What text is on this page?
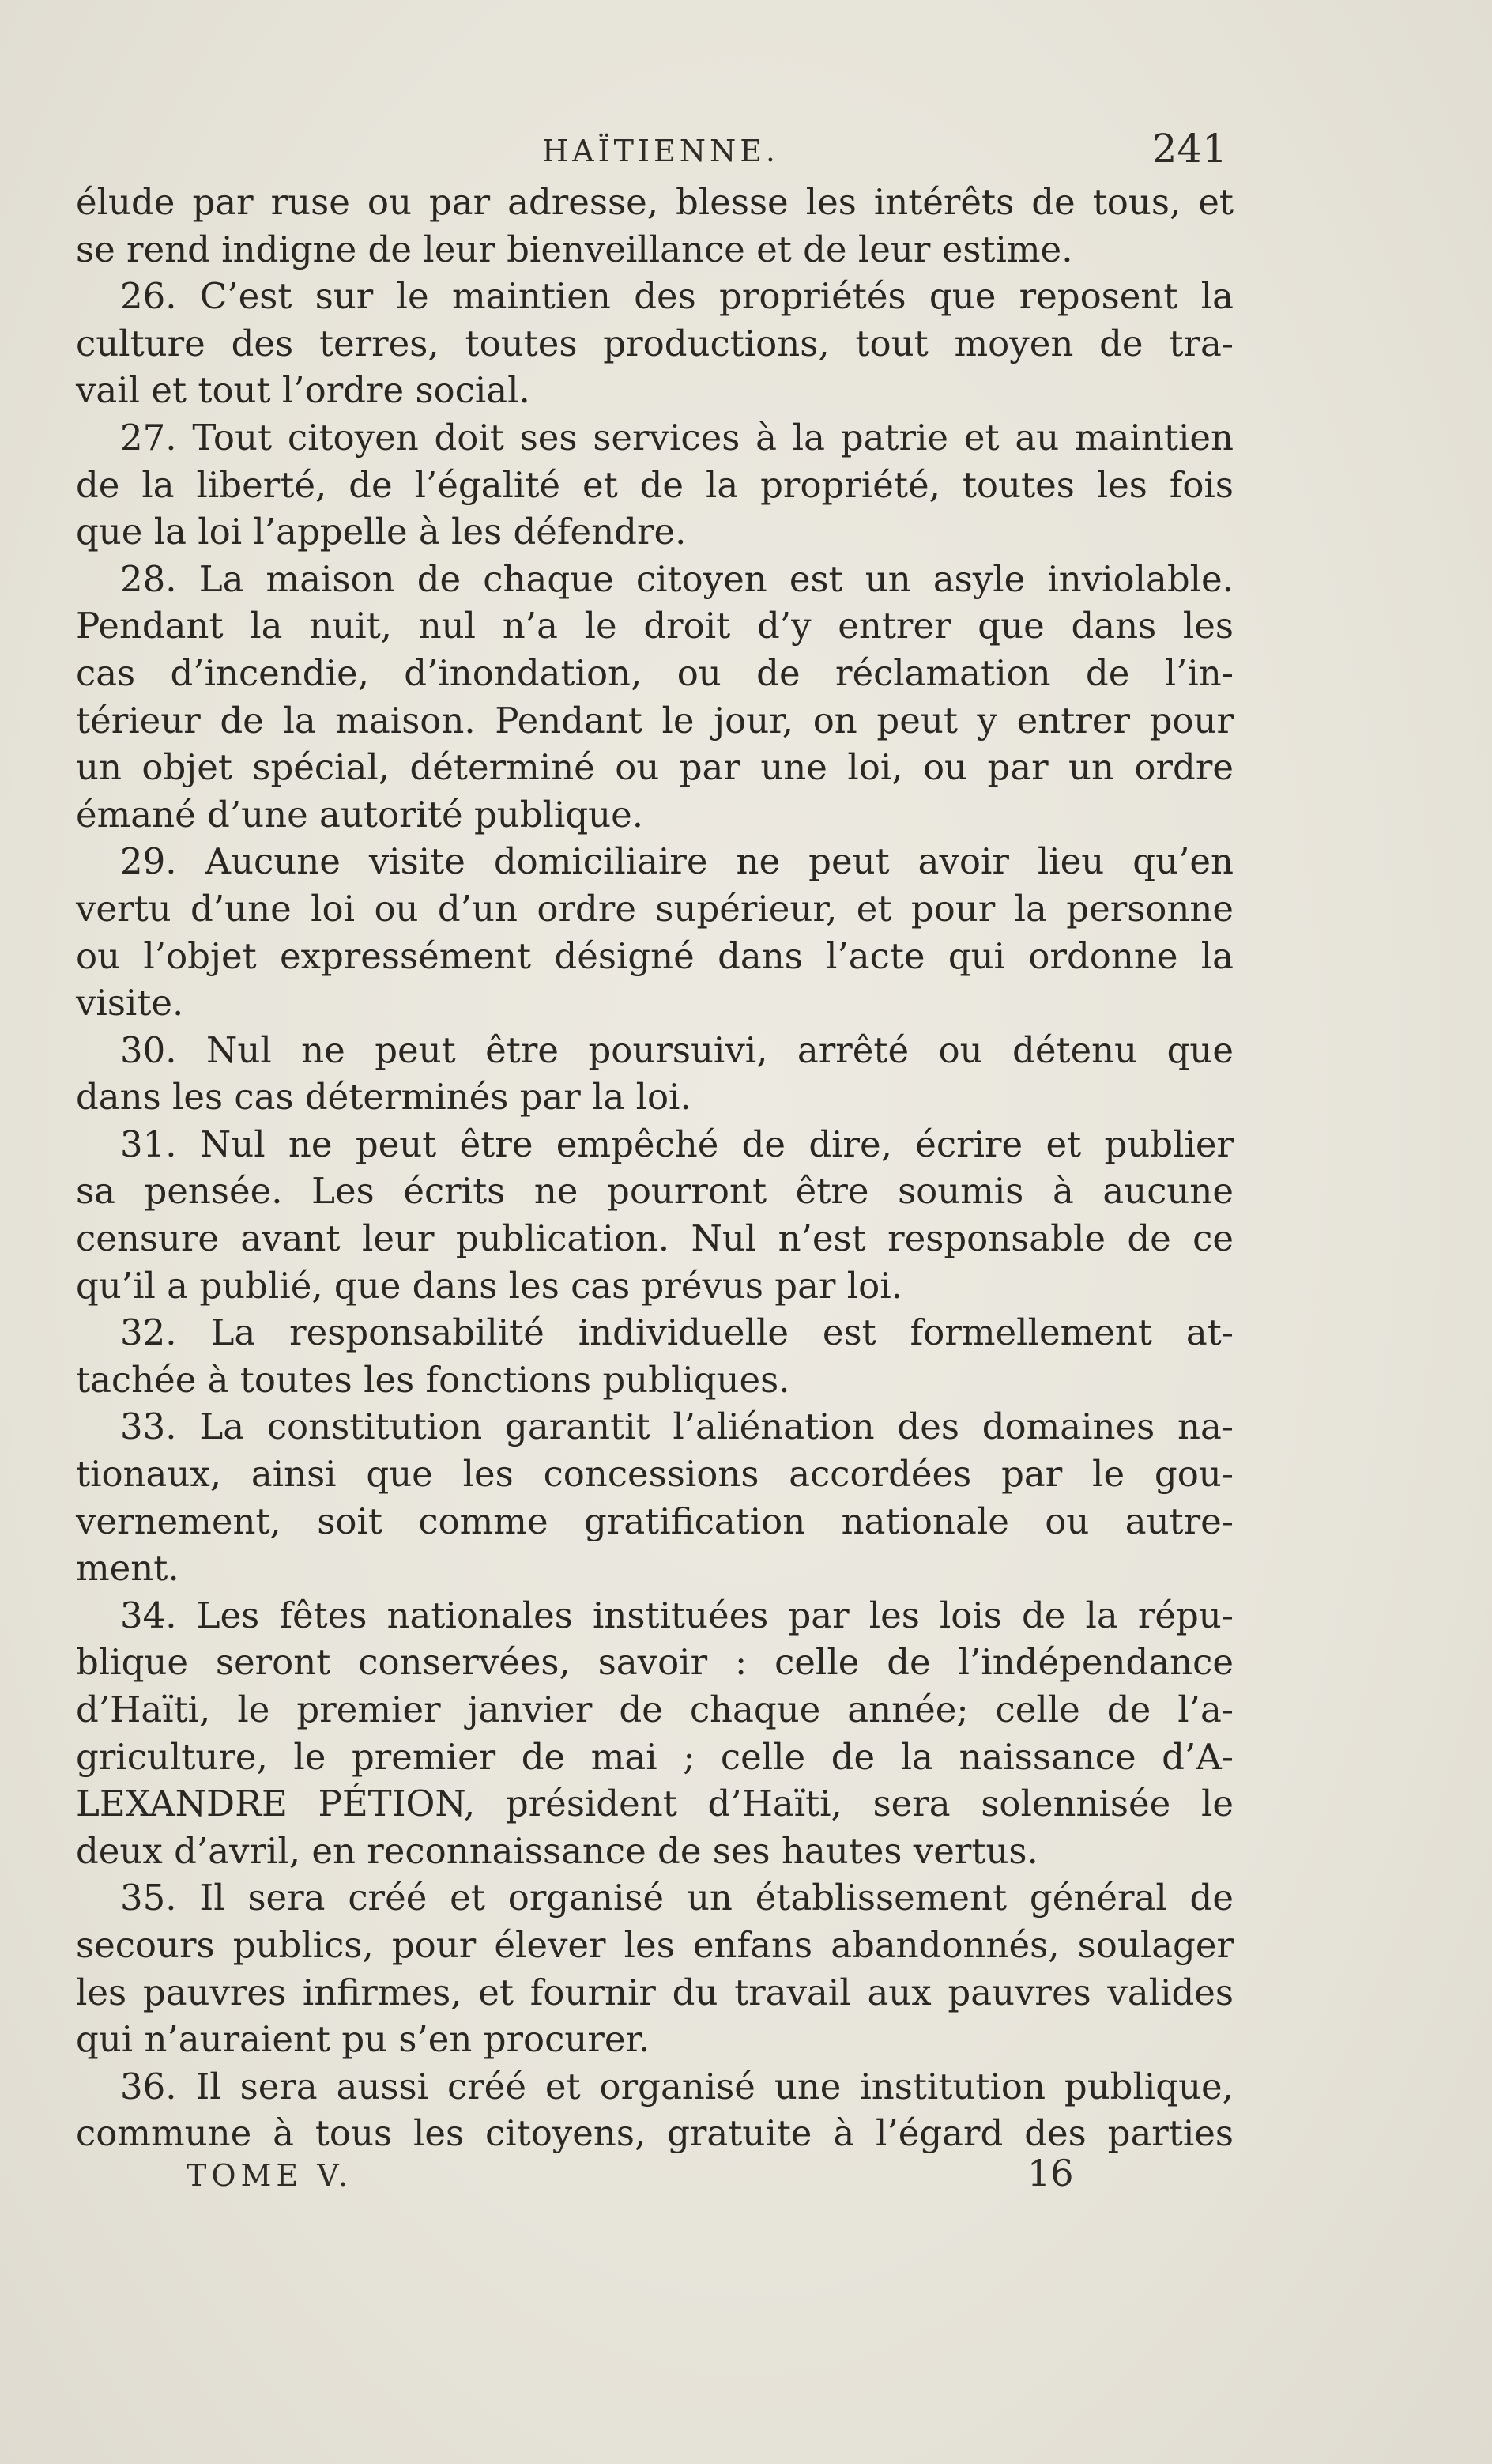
HAÏTIENNE.	241
élude par ruse ou par adresse, blesse les intérêts de tous, et
se rend indigne de leur bienveillance et de leur estime.
26. C’est sur le maintien des propriétés que reposent la
culture des terres, toutes productions, tout moyen de tra-
vail et tout l’ordre social.
27. Tout citoyen doit ses services à la patrie et au maintien
de la liberté, de l’égalité et de la propriété, toutes les fois
que la loi l’appelle à les défendre.
28. La maison de chaque citoyen est un asyle inviolable.
Pendant la nuit, nul n’a le droit d’y entrer que dans les
cas d’incendie, d’inondation, ou de réclamation de l’in-
térieur de la maison. Pendant le jour, on peut y entrer pour
un objet spécial, déterminé ou par une loi, ou par un ordre
émané d’une autorité publique.
29. Aucune visite domiciliaire ne peut avoir lieu qu’en
vertu d’une loi ou d’un ordre supérieur, et pour la personne
ou l’objet expressément désigné dans l’acte qui ordonne la
visite.
30. Nul ne peut être poursuivi, arrêté ou détenu que
dans les cas déterminés par la loi.
31. Nul ne peut être empêché de dire, écrire et publier
sa pensée. Les écrits ne pourront être soumis à aucune
censure avant leur publication. Nul n’est responsable de ce
qu’il a publié, que dans les cas prévus par loi.
32. La responsabilité individuelle est formellement at-
tachée à toutes les fonctions publiques.
33. La constitution garantit l’aliénation des domaines na-
tionaux, ainsi que les concessions accordées par le gou-
vernement, soit comme gratification nationale ou autre-
ment.
34. Les fêtes nationales instituées par les lois de la répu-
blique seront conservées, savoir : celle de l’indépendance
d’Haïti, le premier janvier de chaque année; celle de l’a-
griculture, le premier de mai ; celle de la naissance d’A-
LEXANDRE PÉTION, président d’Haïti, sera solennisée le
deux d’avril, en reconnaissance de ses hautes vertus.
35. Il sera créé et organisé un établissement général de
secours publics, pour élever les enfans abandonnés, soulager
les pauvres infirmes, et fournir du travail aux pauvres valides
qui n’auraient pu s’en procurer.
36. Il sera aussi créé et organisé une institution publique,
commune à tous les citoyens, gratuite à l’égard des parties
TOME V.	16
